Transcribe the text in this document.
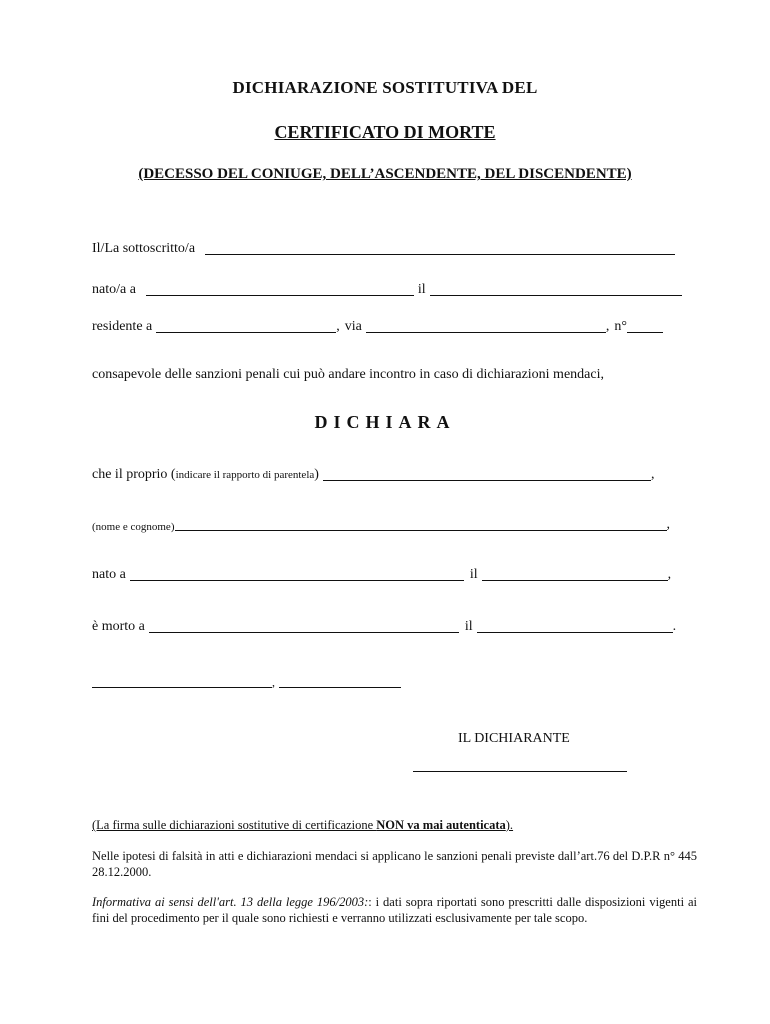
DICHIARAZIONE SOSTITUTIVA DEL
CERTIFICATO DI MORTE
(DECESSO DEL CONIUGE, DELL’ASCENDENTE, DEL DISCENDENTE)
Il/La sottoscritto/a
nato/a a	il
residente a	, via	, n°
consapevole delle sanzioni penali cui può andare incontro in caso di dichiarazioni mendaci,
DICHIARA
che il proprio ( indicare il rapporto di parentela )	,
( nome e cognome )	,
nato a	il	,
è morto a	il	.
,
IL DICHIARANTE
(La firma sulle dichiarazioni sostitutive di certificazione NON va mai autenticata).
Nelle ipotesi di falsità in atti e dichiarazioni mendaci si applicano le sanzioni penali previste dall’art.76 del D.P.R n° 445 28.12.2000.
Informativa ai sensi dell'art. 13 della legge 196/2003:: i dati sopra riportati sono prescritti dalle disposizioni vigenti ai fini del procedimento per il quale sono richiesti e verranno utilizzati esclusivamente per tale scopo.
